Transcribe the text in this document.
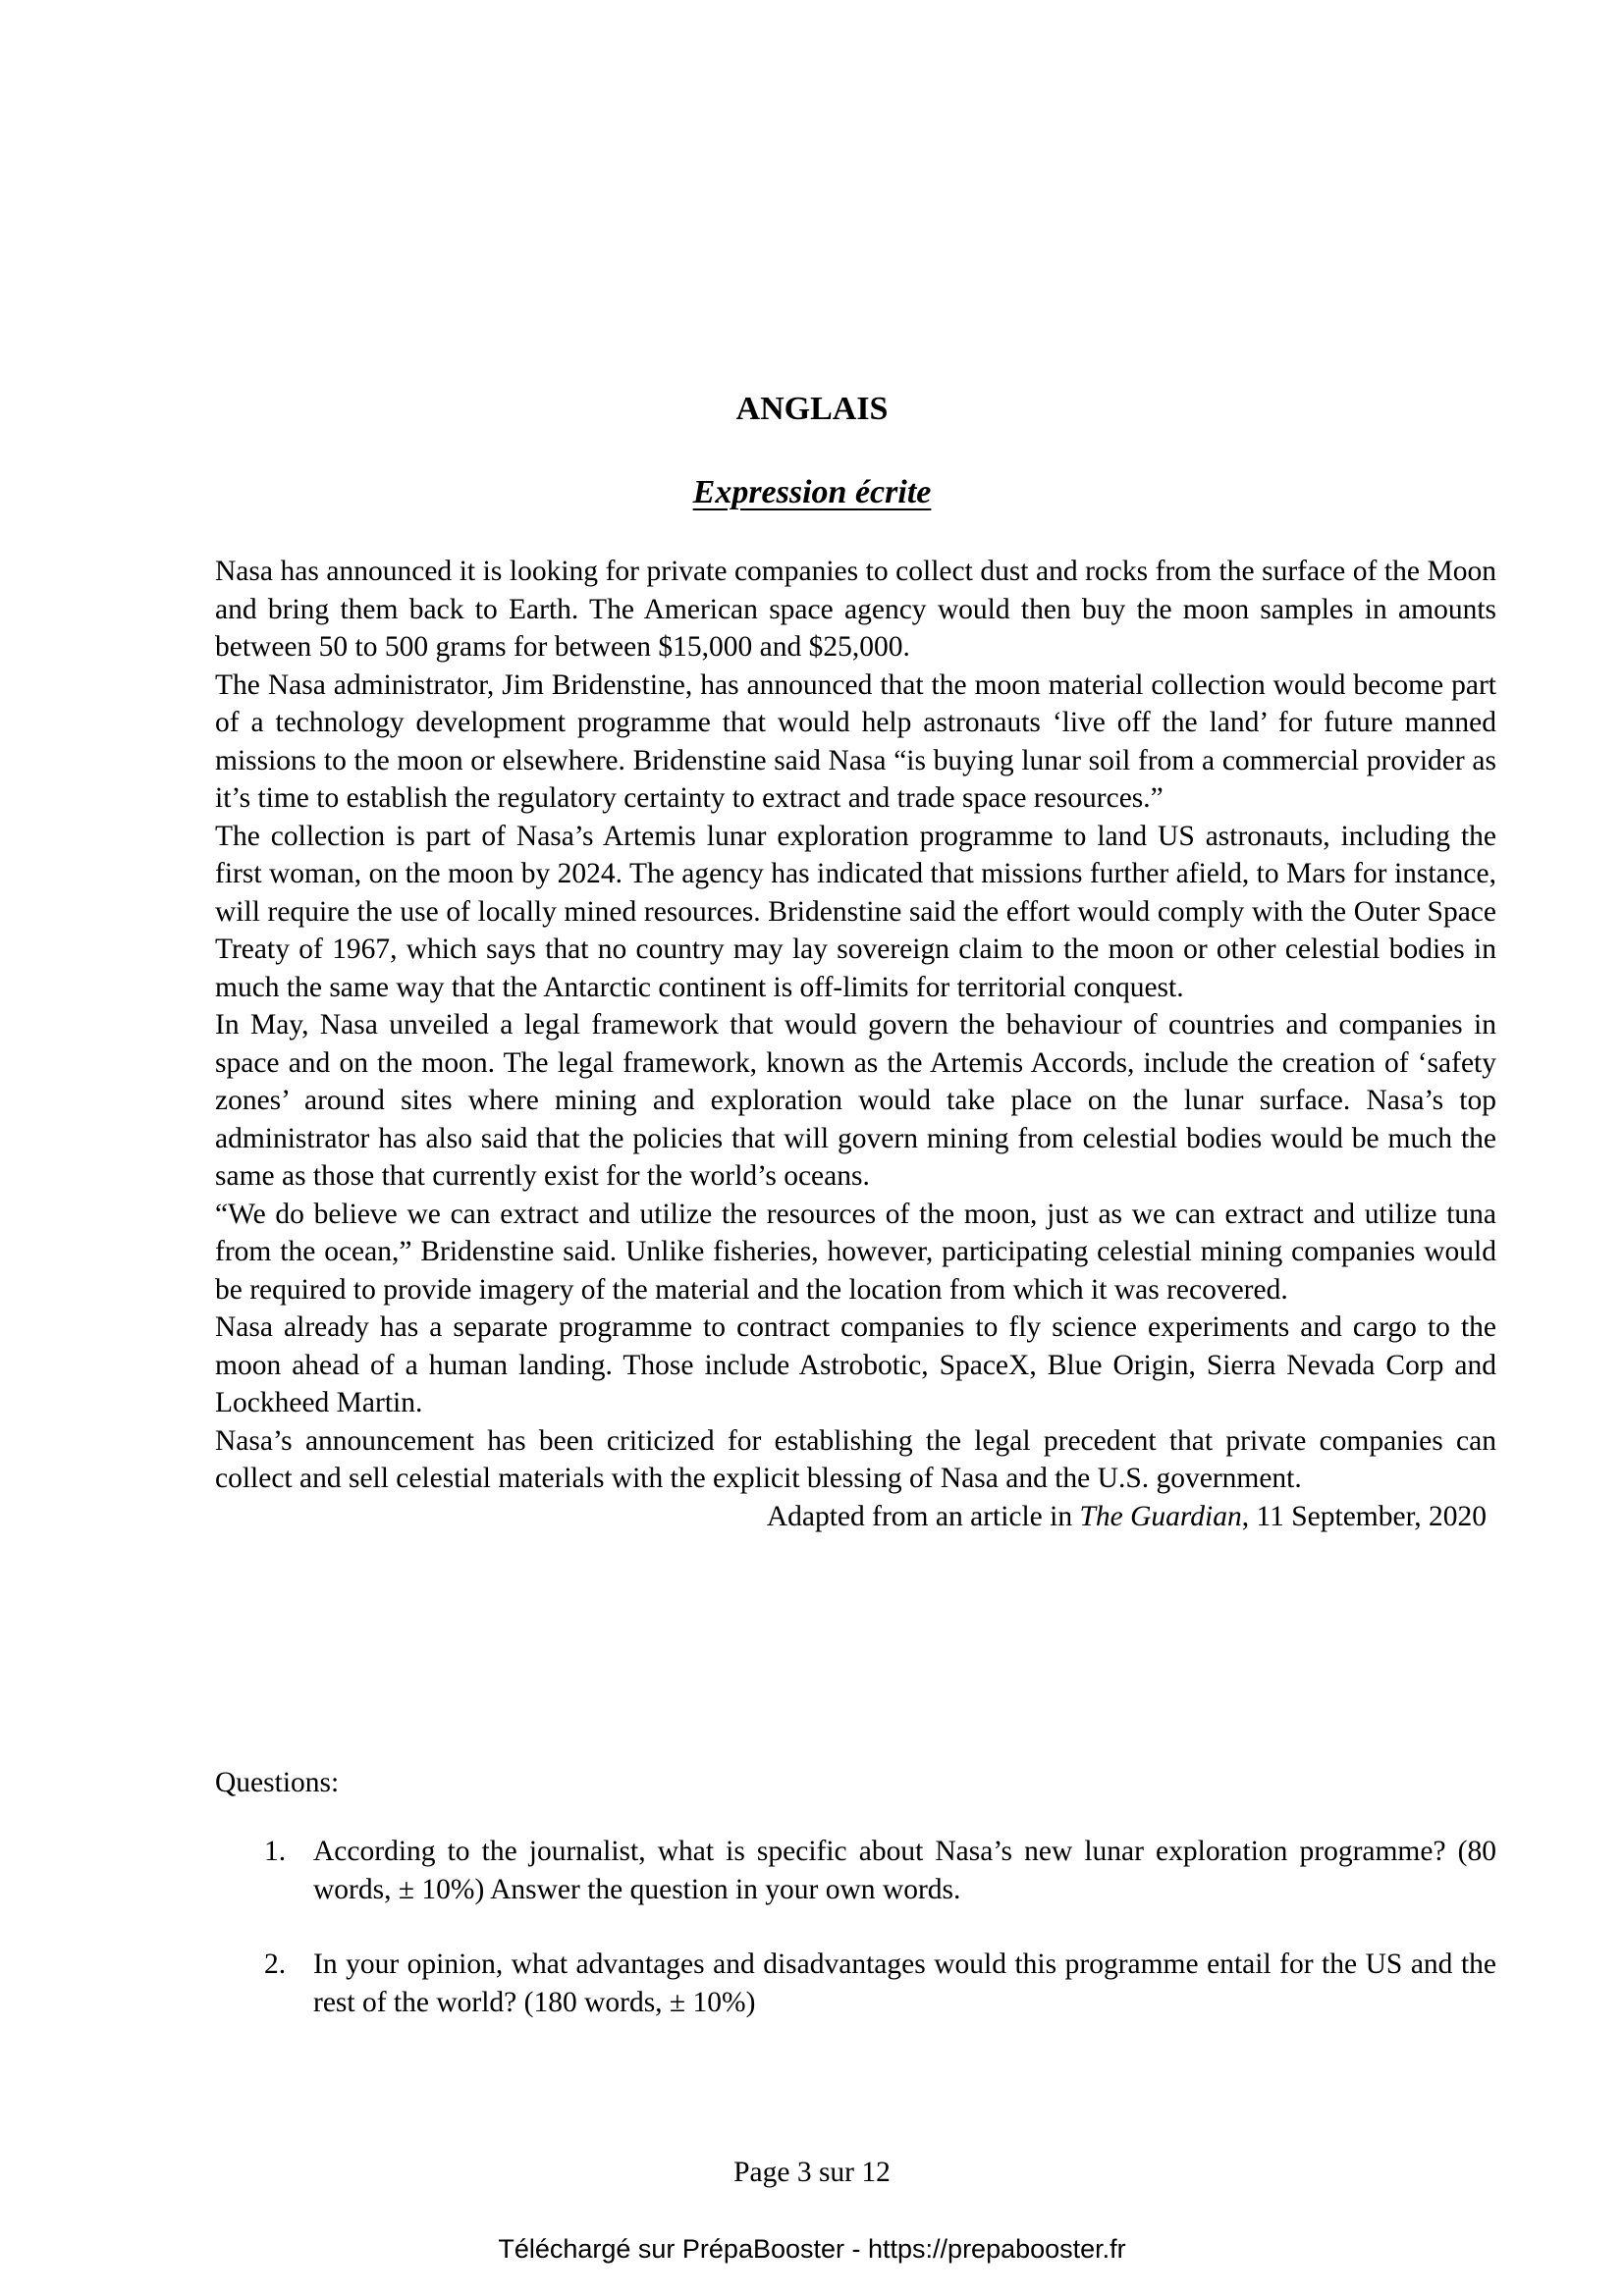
ANGLAIS
Expression écrite

Nasa has announced it is looking for private companies to collect dust and rocks from the surface of the Moon and bring them back to Earth. The American space agency would then buy the moon samples in amounts between 50 to 500 grams for between $15,000 and $25,000.

The Nasa administrator, Jim Bridenstine, has announced that the moon material collection would become part of a technology development programme that would help astronauts ‘live off the land’ for future manned missions to the moon or elsewhere. Bridenstine said Nasa “is buying lunar soil from a commercial provider as it’s time to establish the regulatory certainty to extract and trade space resources.”

The collection is part of Nasa’s Artemis lunar exploration programme to land US astronauts, including the first woman, on the moon by 2024. The agency has indicated that missions further afield, to Mars for instance, will require the use of locally mined resources. Bridenstine said the effort would comply with the Outer Space Treaty of 1967, which says that no country may lay sovereign claim to the moon or other celestial bodies in much the same way that the Antarctic continent is off-limits for territorial conquest.

In May, Nasa unveiled a legal framework that would govern the behaviour of countries and companies in space and on the moon. The legal framework, known as the Artemis Accords, include the creation of ‘safety zones’ around sites where mining and exploration would take place on the lunar surface. Nasa’s top administrator has also said that the policies that will govern mining from celestial bodies would be much the same as those that currently exist for the world’s oceans.

“We do believe we can extract and utilize the resources of the moon, just as we can extract and utilize tuna from the ocean,” Bridenstine said. Unlike fisheries, however, participating celestial mining companies would be required to provide imagery of the material and the location from which it was recovered.

Nasa already has a separate programme to contract companies to fly science experiments and cargo to the moon ahead of a human landing. Those include Astrobotic, SpaceX, Blue Origin, Sierra Nevada Corp and Lockheed Martin.

Nasa’s announcement has been criticized for establishing the legal precedent that private companies can collect and sell celestial materials with the explicit blessing of Nasa and the U.S. government.

Adapted from an article in The Guardian, 11 September, 2020

Questions:

1. According to the journalist, what is specific about Nasa’s new lunar exploration programme? (80 words, ± 10%) Answer the question in your own words.
2. In your opinion, what advantages and disadvantages would this programme entail for the US and the rest of the world? (180 words, ± 10%)

Page 3 sur 12

Téléchargé sur PrépaBooster - https://prepabooster.fr
